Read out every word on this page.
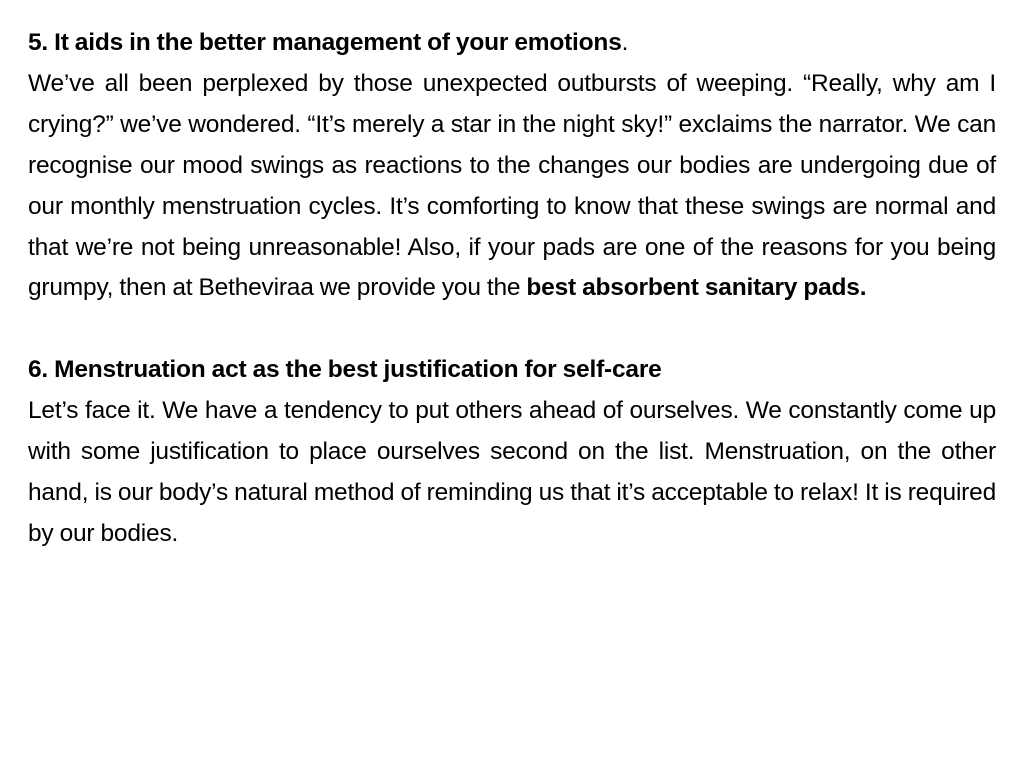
5. It aids in the better management of your emotions.
We’ve all been perplexed by those unexpected outbursts of weeping. “Really, why am I crying?” we’ve wondered. “It’s merely a star in the night sky!” exclaims the narrator. We can recognise our mood swings as reactions to the changes our bodies are undergoing due of our monthly menstruation cycles. It’s comforting to know that these swings are normal and that we’re not being unreasonable! Also, if your pads are one of the reasons for you being grumpy, then at Betheviraa we provide you the best absorbent sanitary pads.
6. Menstruation act as the best justification for self-care
Let’s face it. We have a tendency to put others ahead of ourselves. We constantly come up with some justification to place ourselves second on the list. Menstruation, on the other hand, is our body’s natural method of reminding us that it’s acceptable to relax! It is required by our bodies.
